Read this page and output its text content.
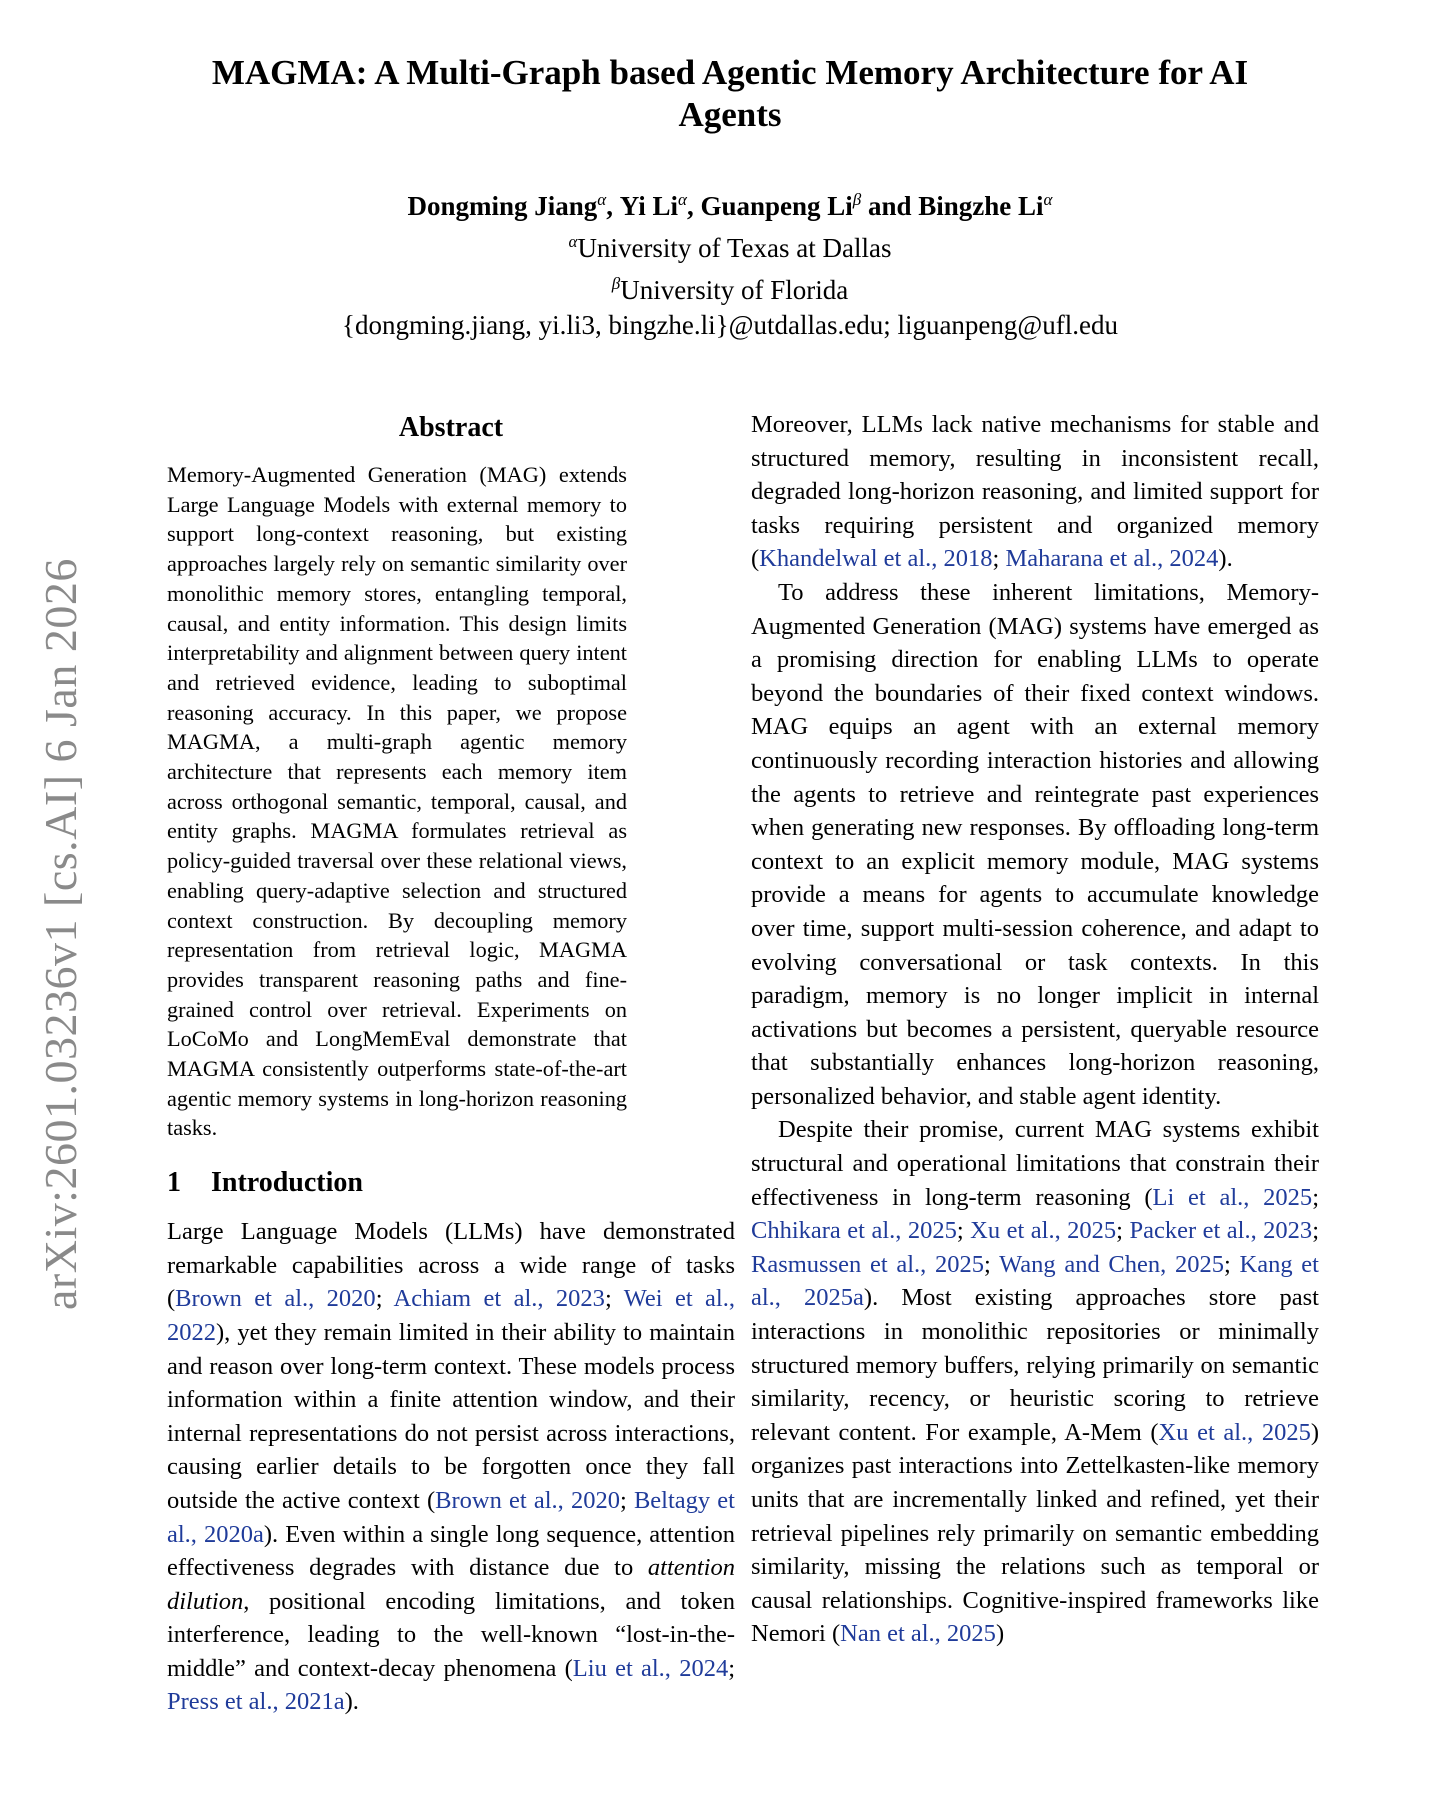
arXiv:2601.03236v1 [cs.AI] 6 Jan 2026
MAGMA: A Multi-Graph based Agentic Memory Architecture for AI
Agents
Dongming Jiang$^\alpha$, Yi $Li^\alpha$, Guanpeng $Li^\beta$ and Bingzhe $Li^\alpha$
$^\alpha$University of Texas at Dallas
$^\beta$University of Florida
{dongming.jiang, yi.li3, bingzhe.li}@utdallas.edu; liguanpeng@ufl.edu
Abstract

Memory-Augmented Generation (MAG) extends Large Language Models with external memory to support long-context reasoning, but existing approaches largely rely on semantic similarity over monolithic memory stores, entangling temporal, causal, and entity information. This design limits interpretability and alignment between query intent and retrieved evidence, leading to suboptimal reasoning accuracy. In this paper, we propose MAGMA, a multi-graph agentic memory architecture that represents each memory item across orthogonal semantic, temporal, causal, and entity graphs. MAGMA formulates retrieval as policy-guided traversal over these relational views, enabling query-adaptive selection and structured context construction. By decoupling memory representation from retrieval logic, MAGMA provides transparent reasoning paths and fine-grained control over retrieval. Experiments on LoCoMo and LongMemEval demonstrate that MAGMA consistently outperforms state-of-the-art agentic memory systems in long-horizon reasoning tasks.

1 Introduction

Large Language Models (LLMs) have demonstrated remarkable capabilities across a wide range of tasks (Brown et al., 2020; Achiam et al., 2023; Wei et al., 2022), yet they remain limited in their ability to maintain and reason over long-term context. These models process information within a finite attention window, and their internal representations do not persist across interactions, causing earlier details to be forgotten once they fall outside the active context (Brown et al., 2020; Beltagy et al., 2020a). Even within a single long sequence, attention effectiveness degrades with distance due to attention dilution, positional encoding limitations, and token interference, leading to the well-known “lost-in-the-middle” and context-decay phenomena (Liu et al., 2024; Press et al., 2021a).

Moreover, LLMs lack native mechanisms for stable and structured memory, resulting in inconsistent recall, degraded long-horizon reasoning, and limited support for tasks requiring persistent and organized memory (Khandelwal et al., 2018; Maharana et al., 2024).

To address these inherent limitations, Memory-Augmented Generation (MAG) systems have emerged as a promising direction for enabling LLMs to operate beyond the boundaries of their fixed context windows. MAG equips an agent with an external memory continuously recording interaction histories and allowing the agents to retrieve and reintegrate past experiences when generating new responses. By offloading long-term context to an explicit memory module, MAG systems provide a means for agents to accumulate knowledge over time, support multi-session coherence, and adapt to evolving conversational or task contexts. In this paradigm, memory is no longer implicit in internal activations but becomes a persistent, queryable resource that substantially enhances long-horizon reasoning, personalized behavior, and stable agent identity.

Despite their promise, current MAG systems exhibit structural and operational limitations that constrain their effectiveness in long-term reasoning (Li et al., 2025; Chhikara et al., 2025; Xu et al., 2025; Packer et al., 2023; Rasmussen et al., 2025; Wang and Chen, 2025; Kang et al., 2025a). Most existing approaches store past interactions in monolithic repositories or minimally structured memory buffers, relying primarily on semantic similarity, recency, or heuristic scoring to retrieve relevant content. For example, A-Mem (Xu et al., 2025) organizes past interactions into Zettelkasten-like memory units that are incrementally linked and refined, yet their retrieval pipelines rely primarily on semantic embedding similarity, missing the relations such as temporal or causal relationships. Cognitive-inspired frameworks like Nemori (Nan et al., 2025)
